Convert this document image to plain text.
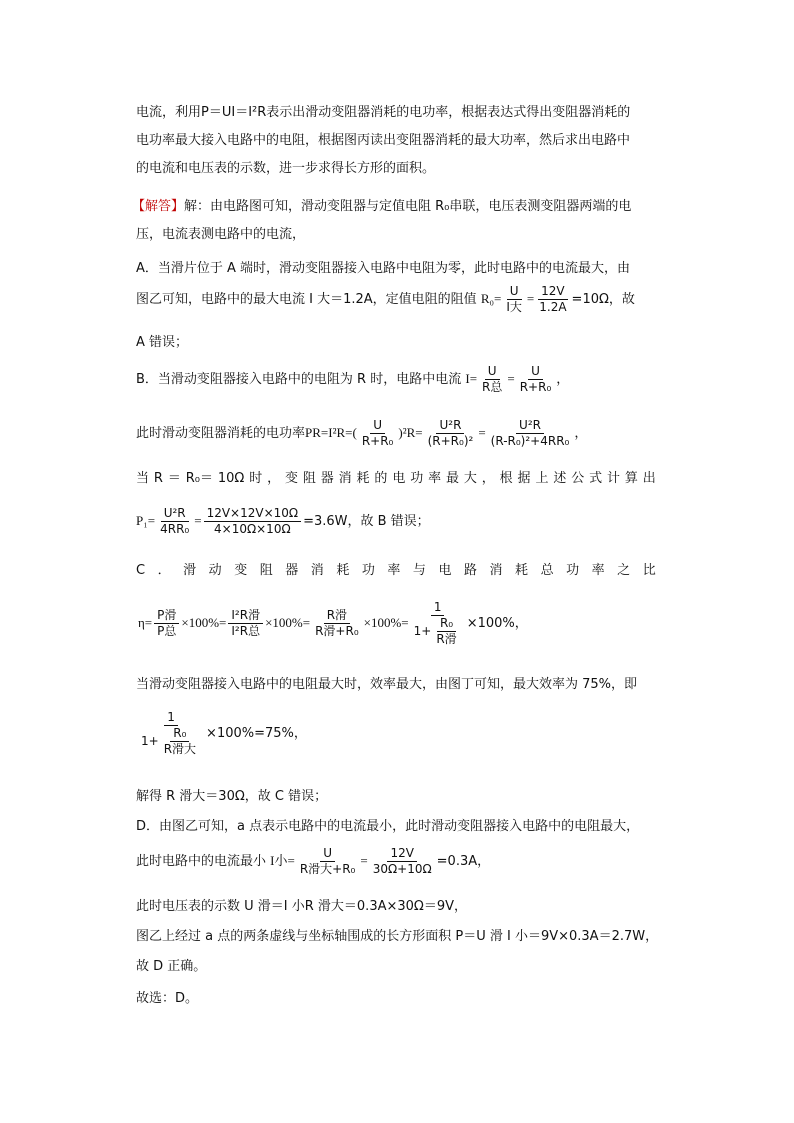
电流，利用P＝UI＝I²R表示出滑动变阻器消耗的电功率，根据表达式得出变阻器消耗的
电功率最大接入电路中的电阻，根据图丙读出变阻器消耗的最大功率，然后求出电路中
的电流和电压表的示数，进一步求得长方形的面积。
【解答】解：由电路图可知，滑动变阻器与定值电阻 R₀串联，电压表测变阻器两端的电
压，电流表测电路中的电流，
A．当滑片位于 A 端时，滑动变阻器接入电路中电阻为零，此时电路中的电流最大，由
图乙可知，电路中的最大电流 I 大＝1.2A，定值电阻的阻值 $R_0= \frac{U}{\text{I大}} = \frac{12V}{1.2A} =10\Omega$，故
A 错误；
B．当滑动变阻器接入电路中的电阻为 R 时，电路中电流 $I= \frac{U}{\text{R总}} = \frac{U}{\text{R+R₀}}$ ，
此时滑动变阻器消耗的电功率$PR=I^2R=( \frac{U}{\text{R+R₀}} )^2R= \frac{\text{U²R}}{\text{(R+R₀)²}} = \frac{\text{U²R}}{\text{(R-R₀)²+4RR₀}}$ ，
当 R ＝ R₀＝ 10Ω 时 ， 变 阻 器 消 耗 的 电 功 率 最 大 ， 根 据 上 述 公 式 计 算 出
$P_1= \frac{\text{U²R}}{\text{4RR₀}} = \frac{12V\times 12V\times 10\Omega}{4\times 10\Omega\times 10\Omega} =3.6W$，故 B 错误；
C ． 滑 动 变 阻 器 消 耗 功 率 与 电 路 消 耗 总 功 率 之 比
$\eta= \frac{\text{P滑}}{\text{P总}} \times 100\%= \frac{\text{I²R滑}}{\text{I²R总}} \times 100\%= \frac{\text{R滑}}{\text{R滑+R₀}} \times 100\%= \frac{1}{1+ \frac{\text{R₀}}{\text{R滑}}} \times 100\%$，
当滑动变阻器接入电路中的电阻最大时，效率最大，由图丁可知，最大效率为 75%，即
$\frac{1}{1+ \frac{\text{R₀}}{\text{R滑大}}} \times 100\%=75\%$，
解得 R 滑大＝30Ω，故 C 错误；
D．由图乙可知，a 点表示电路中的电流最小，此时滑动变阻器接入电路中的电阻最大，
此时电路中的电流最小 I小= $\frac{U}{\text{R滑大+R₀}} = \frac{12V}{30\Omega+10\Omega} =0.3A$，
此时电压表的示数 U 滑＝I 小R 滑大＝0.3A×30Ω＝9V，
图乙上经过 a 点的两条虚线与坐标轴围成的长方形面积 P＝U 滑 I 小＝9V×0.3A＝2.7W，
故 D 正确。
故选：D。
